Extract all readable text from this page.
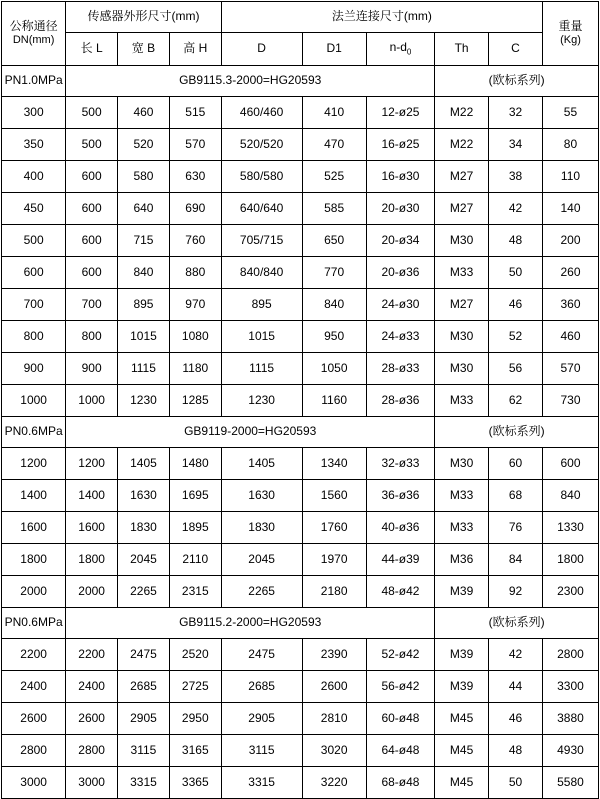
公称通径
DN(mm)	传感器外形尺寸(mm)			法兰连接尺寸(mm)					重量
(Kg)

	长 L	宽 B	高 H	D	D1	$n-d_0$	Th	C	
PN1.0MPa	GB9115.3-2000=HG20593						(欧标系列)		
300	500	460	515	460/460	410	12-ø25	M22	32	55
350	500	520	570	520/520	470	16-ø25	M22	34	80
400	600	580	630	580/580	525	16-ø30	M27	38	110
450	600	640	690	640/640	585	20-ø30	M27	42	140
500	600	715	760	705/715	650	20-ø34	M30	48	200
600	600	840	880	840/840	770	20-ø36	M33	50	260
700	700	895	970	895	840	24-ø30	M27	46	360
800	800	1015	1080	1015	950	24-ø33	M30	52	460
900	900	1115	1180	1115	1050	28-ø33	M30	56	570
1000	1000	1230	1285	1230	1160	28-ø36	M33	62	730
PN0.6MPa	GB9119-2000=HG20593						(欧标系列)		
1200	1200	1405	1480	1405	1340	32-ø33	M30	60	600
1400	1400	1630	1695	1630	1560	36-ø36	M33	68	840
1600	1600	1830	1895	1830	1760	40-ø36	M33	76	1330
1800	1800	2045	2110	2045	1970	44-ø39	M36	84	1800
2000	2000	2265	2315	2265	2180	48-ø42	M39	92	2300
PN0.6MPa	GB9115.2-2000=HG20593						(欧标系列)		
2200	2200	2475	2520	2475	2390	52-ø42	M39	42	2800
2400	2400	2685	2725	2685	2600	56-ø42	M39	44	3300
2600	2600	2905	2950	2905	2810	60-ø48	M45	46	3880
2800	2800	3115	3165	3115	3020	64-ø48	M45	48	4930
3000	3000	3315	3365	3315	3220	68-ø48	M45	50	5580
